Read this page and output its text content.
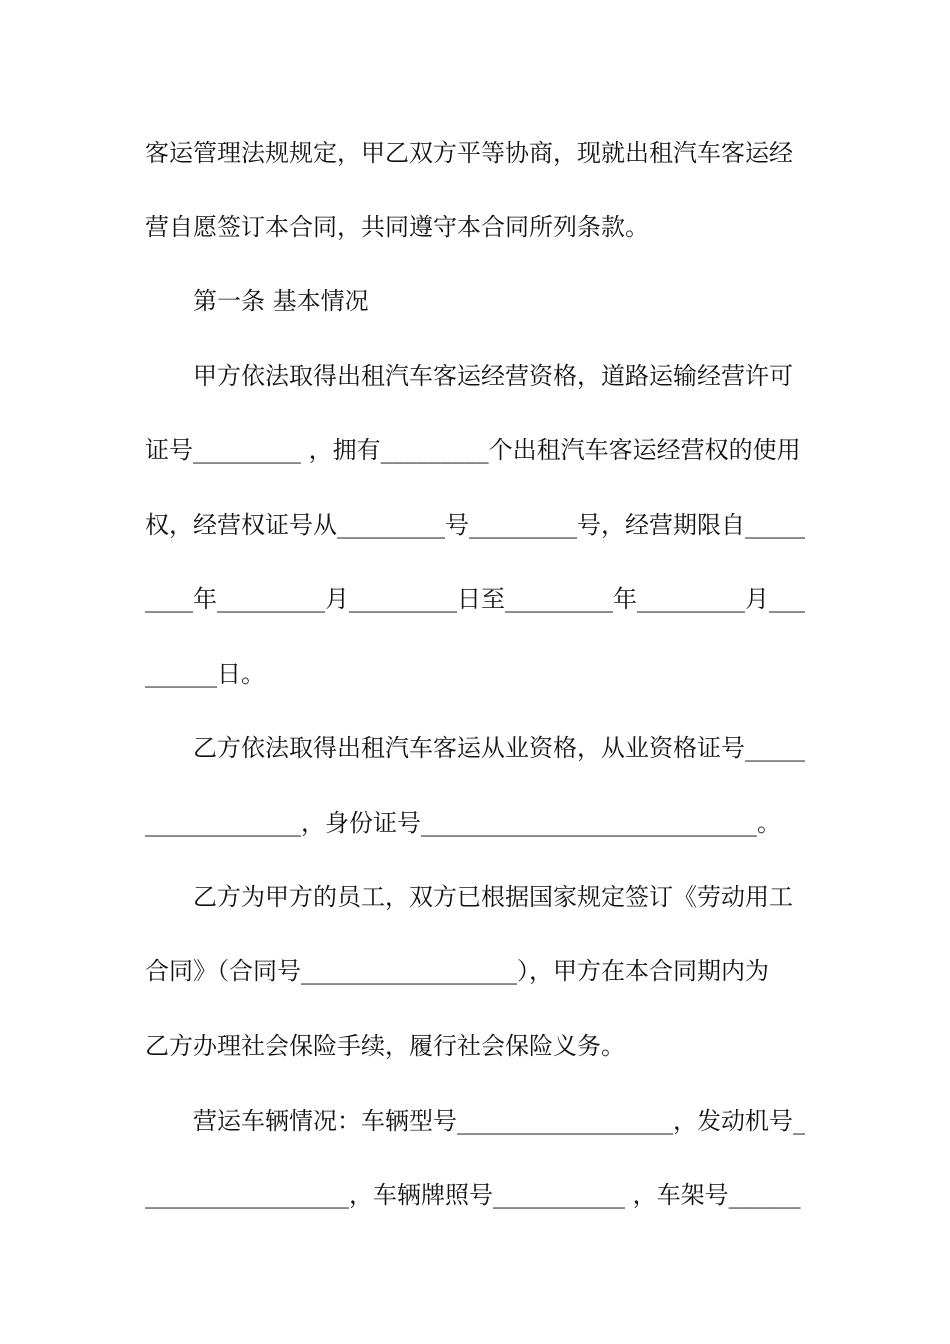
客运管理法规规定，甲乙双方平等协商，现就出租汽车客运经
营自愿签订本合同，共同遵守本合同所列条款。
第一条 基本情况
甲方依法取得出租汽车客运经营资格，道路运输经营许可
证号_________ ，拥有_________个出租汽车客运经营权的使用
权，经营权证号从_________号_________号，经营期限自_____
____年_________月_________日至_________年_________月___
______日。
乙方依法取得出租汽车客运从业资格，从业资格证号_____
_____________，身份证号____________________________。
乙方为甲方的员工，双方已根据国家规定签订《劳动用工
合同》（合同号__________________），甲方在本合同期内为
乙方办理社会保险手续，履行社会保险义务。
营运车辆情况：车辆型号__________________，发动机号_
_________________，车辆牌照号___________ ，车架号______
